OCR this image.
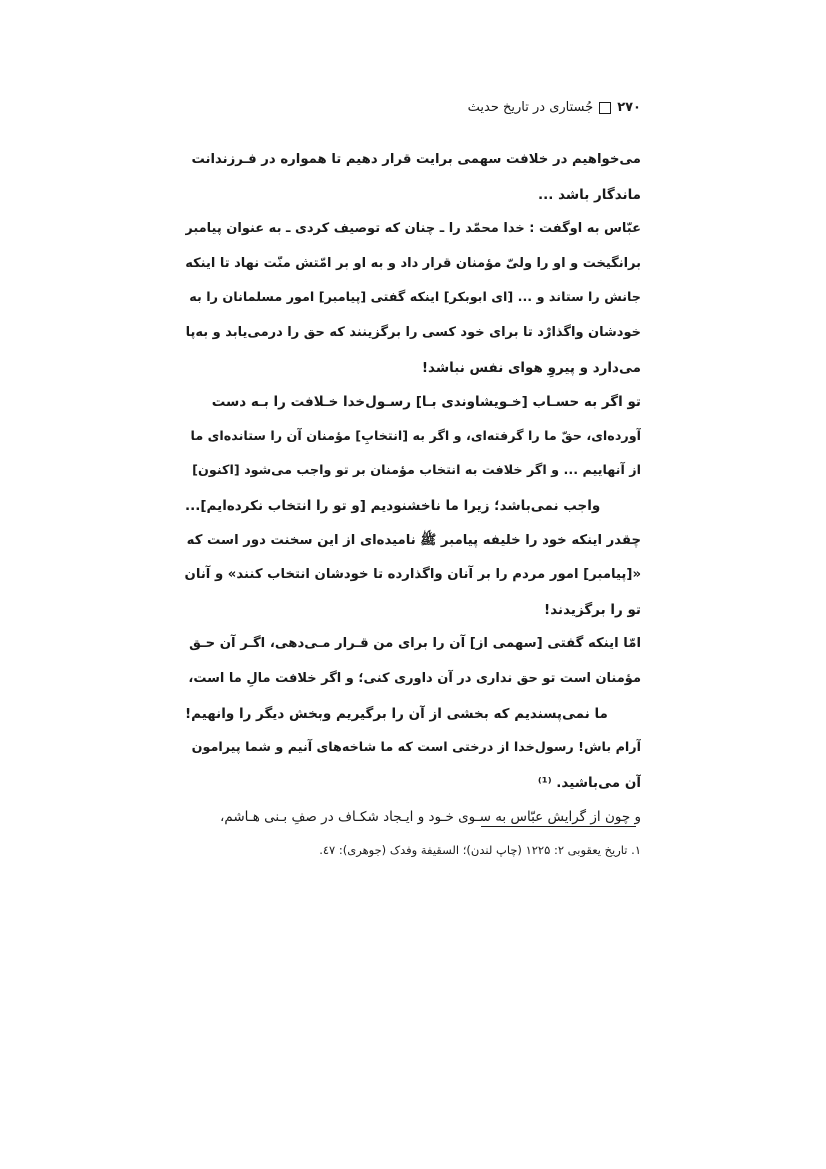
۲۷۰
جُستاری در تاریخ حدیث
می‌خواهیم در خلافت سهمی برایت قرار دهیم تا همواره در فـرزندانت
ماندگار باشد ...
عبّاس به اوگفت : خدا محمّد را ـ چنان که توصیف کردی ـ به عنوان پیامبر
برانگیخت و او را ولیّ مؤمنان قرار داد و به او بر امّتش منّت نهاد تا اینکه
جانش را ستاند و ... [ای ابوبکر] اینکه گفتی [پیامبر] امور مسلمانان را به
خودشان واگذارْد تا برای خود کسی را برگزینند که حق را درمی‌یابد و به‌پا
می‌دارد و پیروِ هوای نفس نباشد!
تو اگر به حسـاب [خـویشاوندی بـا] رسـول‌خدا خـلافت را بـه دست
آورده‌ای، حقّ ما را گرفته‌ای، و اگر به [انتخابِ] مؤمنان آن را ستانده‌ای ما
از آنهاییم ... و اگر خلافت به انتخاب مؤمنان بر تو واجب می‌شود [اکنون]
واجب نمی‌باشد؛ زیرا ما ناخشنودیم [و تو را انتخاب نکرده‌ایم]...
چقدر اینکه خود را خلیفه پیامبر ﷺ نامیده‌ای از این سخنت دور است که
«[پیامبر] امور مردم را بر آنان واگذارده تا خودشان انتخاب کنند» و آنان
تو را برگزیدند!
امّا اینکه گفتی [سهمی از] آن را برای من قـرار مـی‌دهی، اگـر آن حـق
مؤمنان است تو حق نداری در آن داوری کنی؛ و اگر خلافت مالِ ما است،
ما نمی‌پسندیم که بخشی از آن را برگیریم وبخش دیگر را وانهیم!
آرام باش! رسول‌خدا از درختی است که ما شاخه‌های آنیم و شما پیرامون
آن می‌باشید. ⁽¹⁾
و چون از گرایش عبّاس به سـوی خـود و ایـجاد شکـاف در صفِ بـنی هـاشم،
۱. تاریخ یعقوبی ۲: ۱۲۲۵ (چاپ لندن)؛ السقیفة وفدک (جوهری): ٤٧.
